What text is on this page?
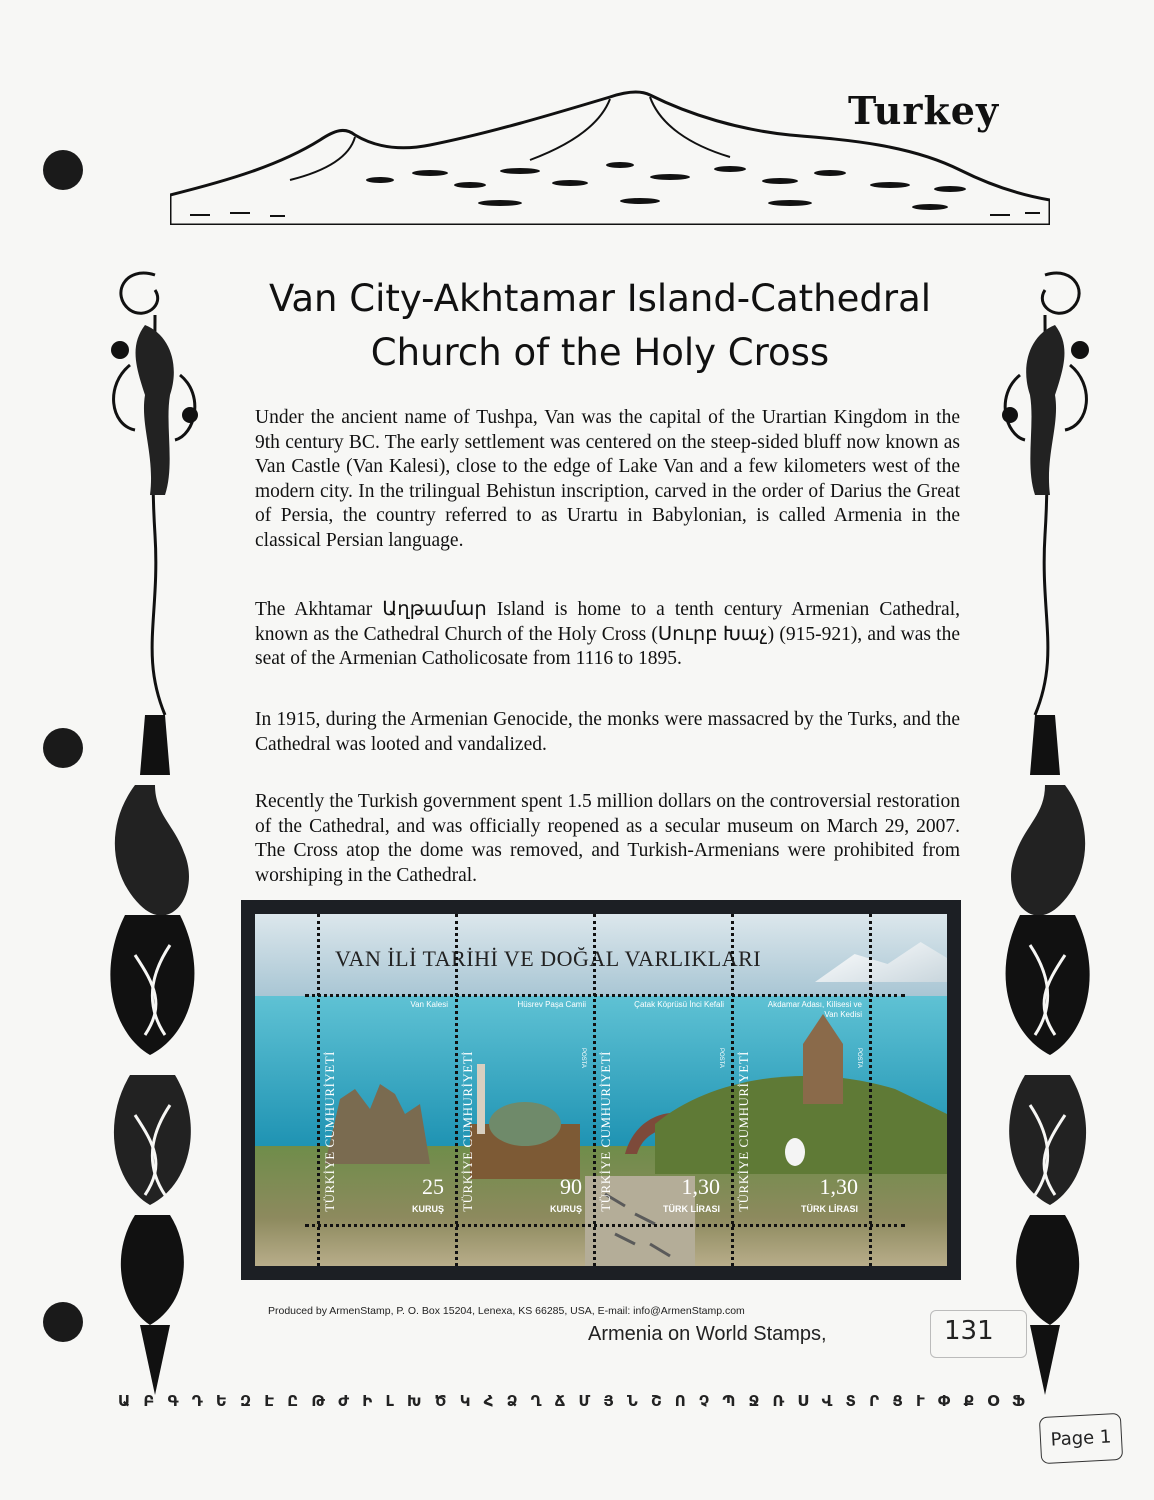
Turkey
Van City-Akhtamar Island-Cathedral
Church of the Holy Cross

Under the ancient name of Tushpa, Van was the capital of the Urartian Kingdom in the 9th century BC. The early settlement was centered on the steep-sided bluff now known as Van Castle (Van Kalesi), close to the edge of Lake Van and a few kilometers west of the modern city. In the trilingual Behistun inscription, carved in the order of Darius the Great of Persia, the country referred to as Urartu in Babylonian, is called Armenia in the classical Persian language.

The Akhtamar Աղթամար Island is home to a tenth century Armenian Cathedral, known as the Cathedral Church of the Holy Cross (Սուրբ Խաչ) (915-921), and was the seat of the Armenian Catholicosate from 1116 to 1895.

In 1915, during the Armenian Genocide, the monks were massacred by the Turks, and the Cathedral was looted and vandalized.

Recently the Turkish government spent 1.5 million dollars on the controversial restoration of the Cathedral, and was officially reopened as a secular museum on March 29, 2007. The Cross atop the dome was removed, and Turkish-Armenians were prohibited from worshiping in the Cathedral.

VAN İLİ TARİHİ VE DOĞAL VARLIKLARI
TÜRKİYE CUMHURİYETİ
Van Kalesi
25
KURUŞ TÜRKİYE CUMHURİYETİ
Hüsrev Paşa Camii
POSTA
90
KURUŞ TÜRKİYE CUMHURİYETİ
Çatak Köprüsü İnci Kefali
POSTA
1,30
TÜRK LİRASI TÜRKİYE CUMHURİYETİ
Akdamar Adası, Kilisesi ve Van Kedisi
POSTA
1,30
TÜRK LİRASI
Produced by ArmenStamp, P. O. Box 15204, Lenexa, KS 66285, USA, E-mail: info@ArmenStamp.com
Armenia on World Stamps,	131
Ա Բ Գ Դ Ե Զ Է Ը Թ Ժ Ի Լ Խ Ծ Կ Հ Ձ Ղ Ճ Մ Յ Ն Շ Ո Չ Պ Ջ Ռ Ս Վ Տ Ր Ց Ւ Փ Ք Օ Ֆ
Page 1
